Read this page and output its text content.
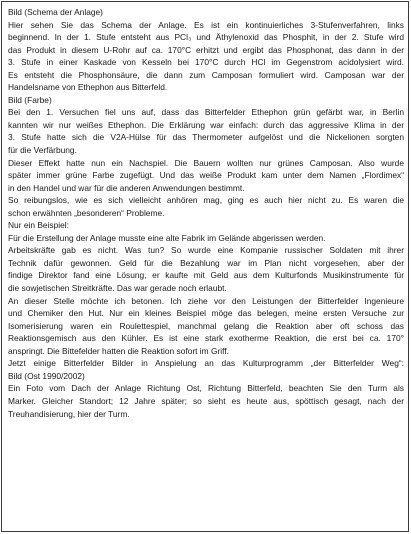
Bild (Schema der Anlage)
Hier sehen Sie das Schema der Anlage. Es ist ein kontinuierliches 3-Stufenverfahren, links
beginnend. In der 1. Stufe entsteht aus PCl₃ und Äthylenoxid das Phosphit, in der 2. Stufe wird
das Produkt in diesem U-Rohr auf ca. 170°C erhitzt und ergibt das Phosphonat, das dann in der
3. Stufe in einer Kaskade von Kesseln bei 170°C durch HCl im Gegenstrom acidolysiert wird.
Es entsteht die Phosphonsäure, die dann zum Camposan formuliert wird. Camposan war der
Handelsname von Ethephon aus Bitterfeld.
Bild (Farbe)
Bei den 1. Versuchen fiel uns auf, dass das Bitterfelder Ethephon grün gefärbt war, in Berlin
kannten wir nur weißes Ethephon. Die Erklärung war einfach: durch das aggressive Klima in der
3. Stufe hatte sich die V2A-Hülse für das Thermometer aufgelöst und die Nickelionen sorgten
für die Verfärbung.
Dieser Effekt hatte nun ein Nachspiel. Die Bauern wollten nur grünes Camposan. Also wurde
später immer grüne Farbe zugefügt. Und das weiße Produkt kam unter dem Namen „Flordimex“
in den Handel und war für die anderen Anwendungen bestimmt.
So reibungslos, wie es sich vielleicht anhören mag, ging es auch hier nicht zu. Es waren die
schon erwähnten „besonderen“ Probleme.
Nur ein Beispiel:
Für die Erstellung der Anlage musste eine alte Fabrik im Gelände abgerissen werden.
Arbeitskräfte gab es nicht. Was tun? So wurde eine Kompanie russischer Soldaten mit ihrer
Technik dafür gewonnen. Geld für die Bezahlung war im Plan nicht vorgesehen, aber der
findige Direktor fand eine Lösung, er kaufte mit Geld aus dem Kulturfonds Musikinstrumente für
die sowjetischen Streitkräfte. Das war gerade noch erlaubt.
An dieser Stelle möchte ich betonen. Ich ziehe vor den Leistungen der Bitterfelder Ingenieure
und Chemiker den Hut. Nur ein kleines Beispiel möge das belegen, meine ersten Versuche zur
Isomerisierung waren ein Roulettespiel, manchmal gelang die Reaktion aber oft schoss das
Reaktionsgemisch aus den Kühler. Es ist eine stark exotherme Reaktion, die erst bei ca. 170°
anspringt. Die Bittefelder hatten die Reaktion sofort im Griff.
Jetzt einige Bitterfelder Bilder in Anspielung an das Kulturprogramm „der Bitterfelder Weg“:
Bild (Ost 1990/2002)
Ein Foto vom Dach der Anlage Richtung Ost, Richtung Bitterfeld, beachten Sie den Turm als
Marker. Gleicher Standort; 12 Jahre später; so sieht es heute aus, spöttisch gesagt, nach der
Treuhandisierung, hier der Turm.
